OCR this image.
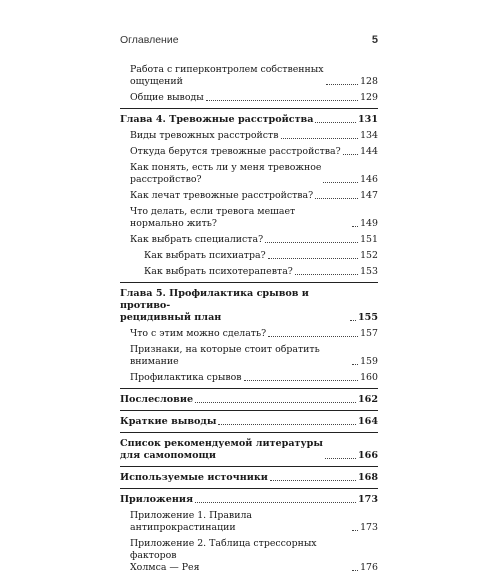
Оглавление	5
Работа с гиперконтролем собственных
ощущений	128
Общие выводы	129
Глава 4. Тревожные расстройства	131
Виды тревожных расстройств	134
Откуда берутся тревожные расстройства? 144
Как понять, есть ли у меня тревожное
расстройство?	146
Как лечат тревожные расстройства?	147
Что делать, если тревога мешает нормально жить?	149
Как выбрать специалиста?	151
Как выбрать психиатра?	152
Как выбрать психотерапевта?	153
Глава 5. Профилактика срывов и противо-
рецидивный план	155
Что с этим можно сделать?	157
Признаки, на которые стоит обратить внимание	159
Профилактика срывов	160
Послесловие	162
Краткие выводы	164
Список рекомендуемой литературы
для самопомощи	166
Используемые источники	168
Приложения	173
Приложение 1. Правила антипрокрастинации	173
Приложение 2. Таблица стрессорных факторов
Холмса — Рея	176
